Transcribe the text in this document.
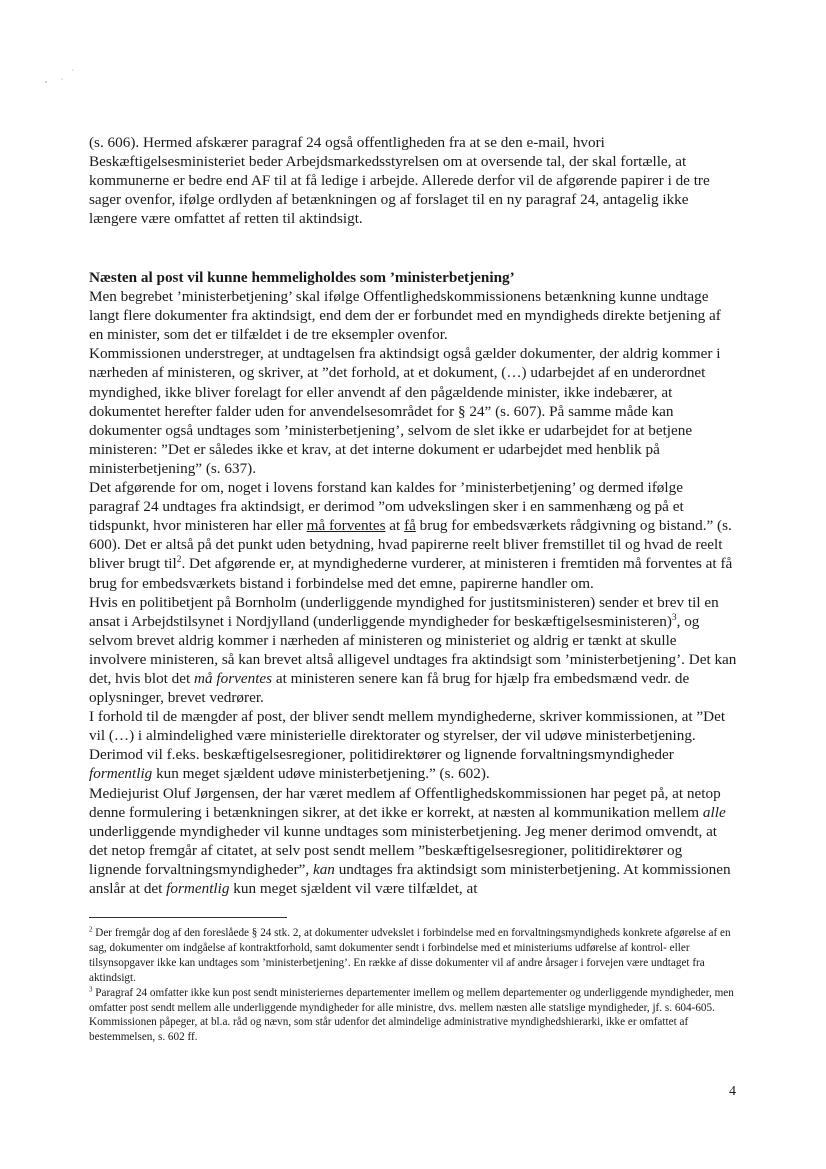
(s. 606). Hermed afskærer paragraf 24 også offentligheden fra at se den e-mail, hvori Beskæftigelsesministeriet beder Arbejdsmarkedsstyrelsen om at oversende tal, der skal fortælle, at kommunerne er bedre end AF til at få ledige i arbejde. Allerede derfor vil de afgørende papirer i de tre sager ovenfor, ifølge ordlyden af betænkningen og af forslaget til en ny paragraf 24, antagelig ikke længere være omfattet af retten til aktindsigt.

Næsten al post vil kunne hemmeligholdes som ’ministerbetjening’

Men begrebet ’ministerbetjening’ skal ifølge Offentlighedskommissionens betænkning kunne undtage langt flere dokumenter fra aktindsigt, end dem der er forbundet med en myndigheds direkte betjening af en minister, som det er tilfældet i de tre eksempler ovenfor.

Kommissionen understreger, at undtagelsen fra aktindsigt også gælder dokumenter, der aldrig kommer i nærheden af ministeren, og skriver, at ”det forhold, at et dokument, (…) udarbejdet af en underordnet myndighed, ikke bliver forelagt for eller anvendt af den pågældende minister, ikke indebærer, at dokumentet herefter falder uden for anvendelsesområdet for § 24” (s. 607). På samme måde kan dokumenter også undtages som ’ministerbetjening’, selvom de slet ikke er udarbejdet for at betjene ministeren: ”Det er således ikke et krav, at det interne dokument er udarbejdet med henblik på ministerbetjening” (s. 637).

Det afgørende for om, noget i lovens forstand kan kaldes for ’ministerbetjening’ og dermed ifølge paragraf 24 undtages fra aktindsigt, er derimod ”om udvekslingen sker i en sammenhæng og på et tidspunkt, hvor ministeren har eller må forventes at få brug for embedsværkets rådgivning og bistand.” (s. 600). Det er altså på det punkt uden betydning, hvad papirerne reelt bliver fremstillet til og hvad de reelt bliver brugt til$^2$. Det afgørende er, at myndighederne vurderer, at ministeren i fremtiden må forventes at få brug for embedsværkets bistand i forbindelse med det emne, papirerne handler om.

Hvis en politibetjent på Bornholm (underliggende myndighed for justitsministeren) sender et brev til en ansat i Arbejdstilsynet i Nordjylland (underliggende myndigheder for beskæftigelsesministeren)$^3$, og selvom brevet aldrig kommer i nærheden af ministeren og ministeriet og aldrig er tænkt at skulle involvere ministeren, så kan brevet altså alligevel undtages fra aktindsigt som ’ministerbetjening’. Det kan det, hvis blot det må forventes at ministeren senere kan få brug for hjælp fra embedsmænd vedr. de oplysninger, brevet vedrører.

I forhold til de mængder af post, der bliver sendt mellem myndighederne, skriver kommissionen, at ”Det vil (…) i almindelighed være ministerielle direktorater og styrelser, der vil udøve ministerbetjening. Derimod vil f.eks. beskæftigelsesregioner, politidirektører og lignende forvaltningsmyndigheder formentlig kun meget sjældent udøve ministerbetjening.” (s. 602).

Mediejurist Oluf Jørgensen, der har været medlem af Offentlighedskommissionen har peget på, at netop denne formulering i betænkningen sikrer, at det ikke er korrekt, at næsten al kommunikation mellem alle underliggende myndigheder vil kunne undtages som ministerbetjening. Jeg mener derimod omvendt, at det netop fremgår af citatet, at selv post sendt mellem ”beskæftigelsesregioner, politidirektører og lignende forvaltningsmyndigheder”, kan undtages fra aktindsigt som ministerbetjening. At kommissionen anslår at det formentlig kun meget sjældent vil være tilfældet, at

$^2$ Der fremgår dog af den foreslåede § 24 stk. 2, at dokumenter udvekslet i forbindelse med en forvaltningsmyndigheds konkrete afgørelse af en sag, dokumenter om indgåelse af kontraktforhold, samt dokumenter sendt i forbindelse med et ministeriums udførelse af kontrol- eller tilsynsopgaver ikke kan undtages som ’ministerbetjening’. En række af disse dokumenter vil af andre årsager i forvejen være undtaget fra aktindsigt.

$^3$ Paragraf 24 omfatter ikke kun post sendt ministeriernes departementer imellem og mellem departementer og underliggende myndigheder, men omfatter post sendt mellem alle underliggende myndigheder for alle ministre, dvs. mellem næsten alle statslige myndigheder, jf. s. 604-605. Kommissionen påpeger, at bl.a. råd og nævn, som står udenfor det almindelige administrative myndighedshierarki, ikke er omfattet af bestemmelsen, s. 602 ff.

4
